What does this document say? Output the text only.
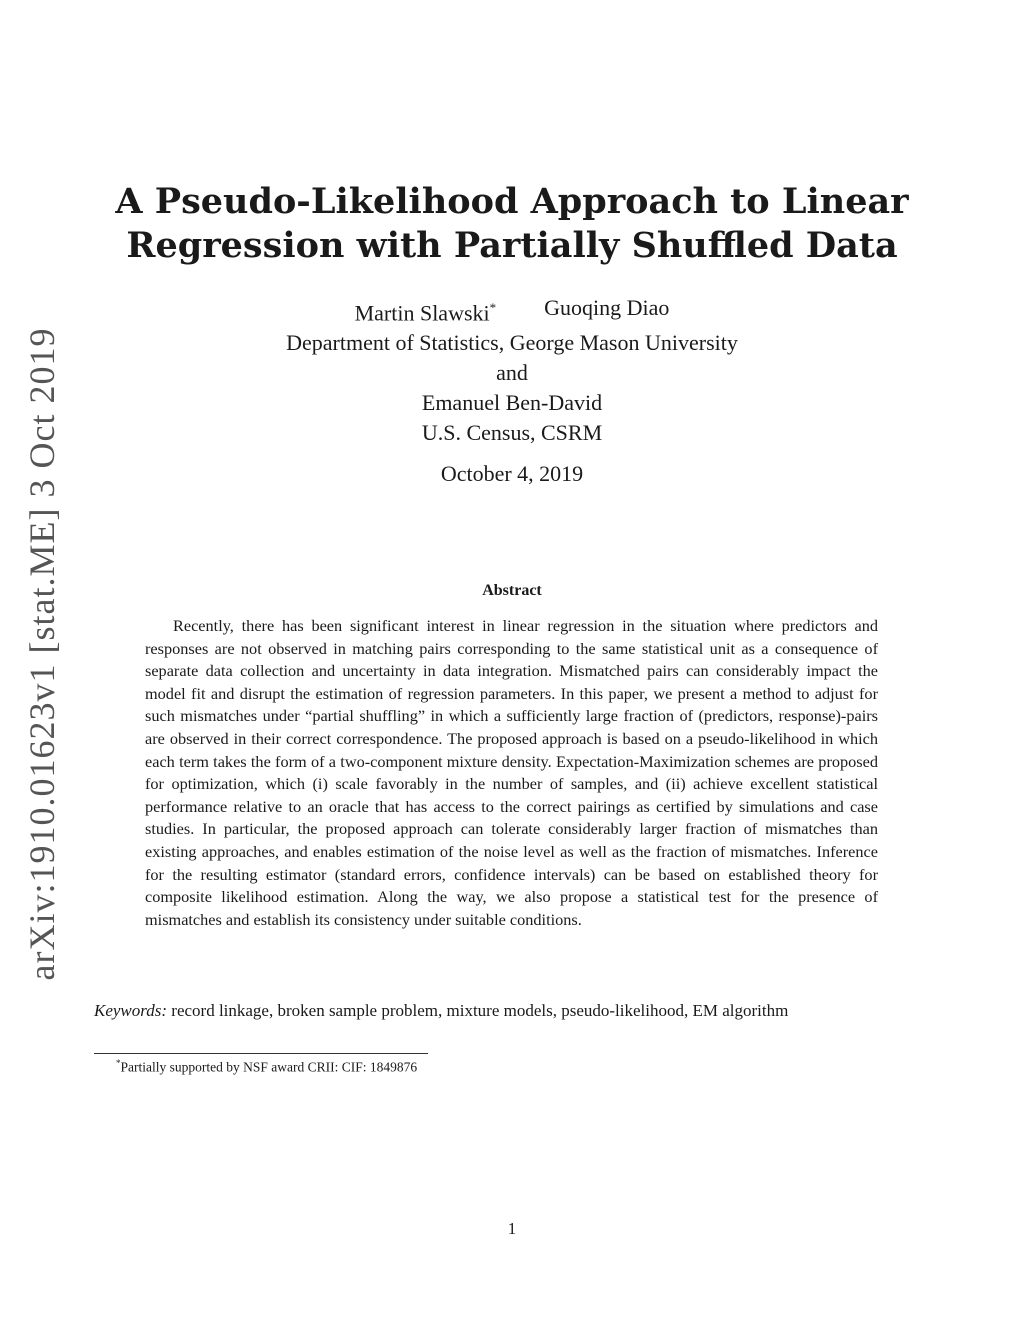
arXiv:1910.01623v1 [stat.ME] 3 Oct 2019
A Pseudo-Likelihood Approach to Linear
Regression with Partially Shuffled Data
Martin Slawski* Guoqing Diao
Department of Statistics, George Mason University
and
Emanuel Ben-David
U.S. Census, CSRM
October 4, 2019
Abstract
Recently, there has been significant interest in linear regression in the situation where predictors and responses are not observed in matching pairs corresponding to the same statistical unit as a consequence of separate data collection and uncertainty in data integration. Mismatched pairs can considerably impact the model fit and disrupt the estimation of regression parameters. In this paper, we present a method to adjust for such mismatches under “partial shuffling” in which a sufficiently large fraction of (predictors, response)-pairs are observed in their correct correspondence. The proposed approach is based on a pseudo-likelihood in which each term takes the form of a two-component mixture density. Expectation-Maximization schemes are proposed for optimization, which (i) scale favorably in the number of samples, and (ii) achieve excellent statistical performance relative to an oracle that has access to the correct pairings as certified by simulations and case studies. In particular, the proposed approach can tolerate considerably larger fraction of mismatches than existing approaches, and enables estimation of the noise level as well as the fraction of mismatches. Inference for the resulting estimator (standard errors, confidence intervals) can be based on established theory for composite likelihood estimation. Along the way, we also propose a statistical test for the presence of mismatches and establish its consistency under suitable conditions.
Keywords: record linkage, broken sample problem, mixture models, pseudo-likelihood, EM algorithm
*Partially supported by NSF award CRII: CIF: 1849876
1
